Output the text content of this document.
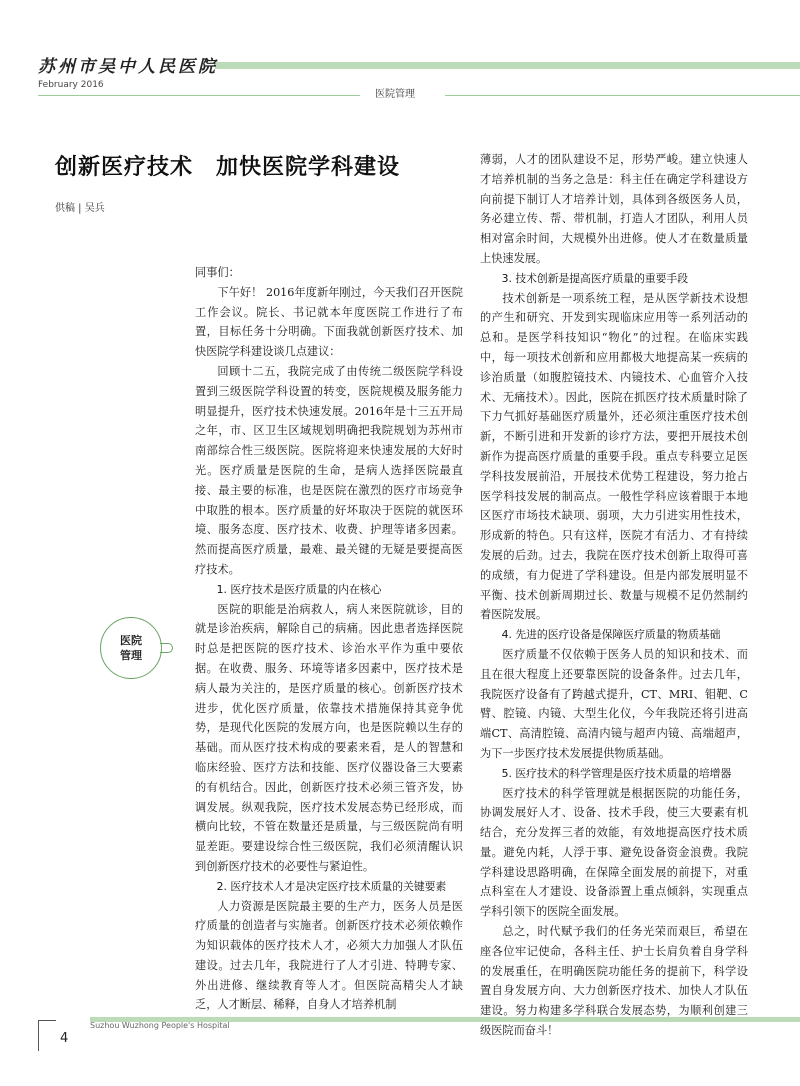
苏州市吴中人民医院
February 2016
医院管理
创新医疗技术　加快医院学科建设
供稿 | 吴兵
医院
管理

同事们：

下午好！ 2016年度新年刚过，今天我们召开医院工作会议。院长、书记就本年度医院工作进行了布置，目标任务十分明确。下面我就创新医疗技术、加快医院学科建设谈几点建议：

回顾十二五，我院完成了由传统二级医院学科设置到三级医院学科设置的转变，医院规模及服务能力明显提升，医疗技术快速发展。2016年是十三五开局之年，市、区卫生区域规划明确把我院规划为苏州市南部综合性三级医院。医院将迎来快速发展的大好时光。医疗质量是医院的生命，是病人选择医院最直接、最主要的标准，也是医院在激烈的医疗市场竞争中取胜的根本。医疗质量的好坏取决于医院的就医环境、服务态度、医疗技术、收费、护理等诸多因素。然而提高医疗质量，最难、最关键的无疑是要提高医疗技术。

1. 医疗技术是医疗质量的内在核心

医院的职能是治病救人，病人来医院就诊，目的就是诊治疾病，解除自己的病痛。因此患者选择医院时总是把医院的医疗技术、诊治水平作为重中要依据。在收费、服务、环境等诸多因素中，医疗技术是病人最为关注的，是医疗质量的核心。创新医疗技术进步，优化医疗质量，依靠技术措施保持其竞争优势，是现代化医院的发展方向，也是医院赖以生存的基础。而从医疗技术构成的要素来看，是人的智慧和临床经验、医疗方法和技能、医疗仪器设备三大要素的有机结合。因此，创新医疗技术必须三管齐发，协调发展。纵观我院，医疗技术发展态势已经形成，而横向比较，不管在数量还是质量，与三级医院尚有明显差距。要建设综合性三级医院，我们必须清醒认识到创新医疗技术的必要性与紧迫性。

2. 医疗技术人才是决定医疗技术质量的关键要素

人力资源是医院最主要的生产力，医务人员是医疗质量的创造者与实施者。创新医疗技术必须依赖作为知识载体的医疗技术人才，必须大力加强人才队伍建设。过去几年，我院进行了人才引进、特聘专家、外出进修、继续教育等人才。但医院高精尖人才缺乏，人才断层、稀释，自身人才培养机制

薄弱，人才的团队建设不足，形势严峻。建立快速人才培养机制的当务之急是：科主任在确定学科建设方向前提下制订人才培养计划，具体到各级医务人员，务必建立传、帮、带机制，打造人才团队，利用人员相对富余时间，大规模外出进修。使人才在数量质量上快速发展。

3. 技术创新是提高医疗质量的重要手段

技术创新是一项系统工程，是从医学新技术设想的产生和研究、开发到实现临床应用等一系列活动的总和。是医学科技知识“物化”的过程。在临床实践中，每一项技术创新和应用都极大地提高某一疾病的诊治质量（如腹腔镜技术、内镜技术、心血管介入技术、无痛技术）。因此，医院在抓医疗技术质量时除了下力气抓好基础医疗质量外，还必须注重医疗技术创新，不断引进和开发新的诊疗方法，要把开展技术创新作为提高医疗质量的重要手段。重点专科要立足医学科技发展前沿，开展技术优势工程建设，努力抢占医学科技发展的制高点。一般性学科应该着眼于本地区医疗市场技术缺项、弱项，大力引进实用性技术，形成新的特色。只有这样，医院才有活力、才有持续发展的后劲。过去，我院在医疗技术创新上取得可喜的成绩，有力促进了学科建设。但是内部发展明显不平衡、技术创新周期过长、数量与规模不足仍然制约着医院发展。

4. 先进的医疗设备是保障医疗质量的物质基础

医疗质量不仅依赖于医务人员的知识和技术、而且在很大程度上还要靠医院的设备条件。过去几年，我院医疗设备有了跨越式提升，CT、MRI、钼靶、C臂、腔镜、内镜、大型生化仪，今年我院还将引进高端CT、高清腔镜、高清内镜与超声内镜、高端超声，为下一步医疗技术发展提供物质基础。

5. 医疗技术的科学管理是医疗技术质量的培增器

医疗技术的科学管理就是根据医院的功能任务，协调发展好人才、设备、技术手段，使三大要素有机结合，充分发挥三者的效能，有效地提高医疗技术质量。避免内耗，人浮于事、避免设备资金浪费。我院学科建设思路明确，在保障全面发展的前提下，对重点科室在人才建设、设备添置上重点倾斜，实现重点学科引领下的医院全面发展。

总之，时代赋予我们的任务光荣而艰巨，希望在座各位牢记使命，各科主任、护士长肩负着自身学科的发展重任，在明确医院功能任务的提前下，科学设置自身发展方向、大力创新医疗技术、加快人才队伍建设。努力构建多学科联合发展态势，为顺利创建三级医院而奋斗！

4
Suzhou Wuzhong People's Hospital
